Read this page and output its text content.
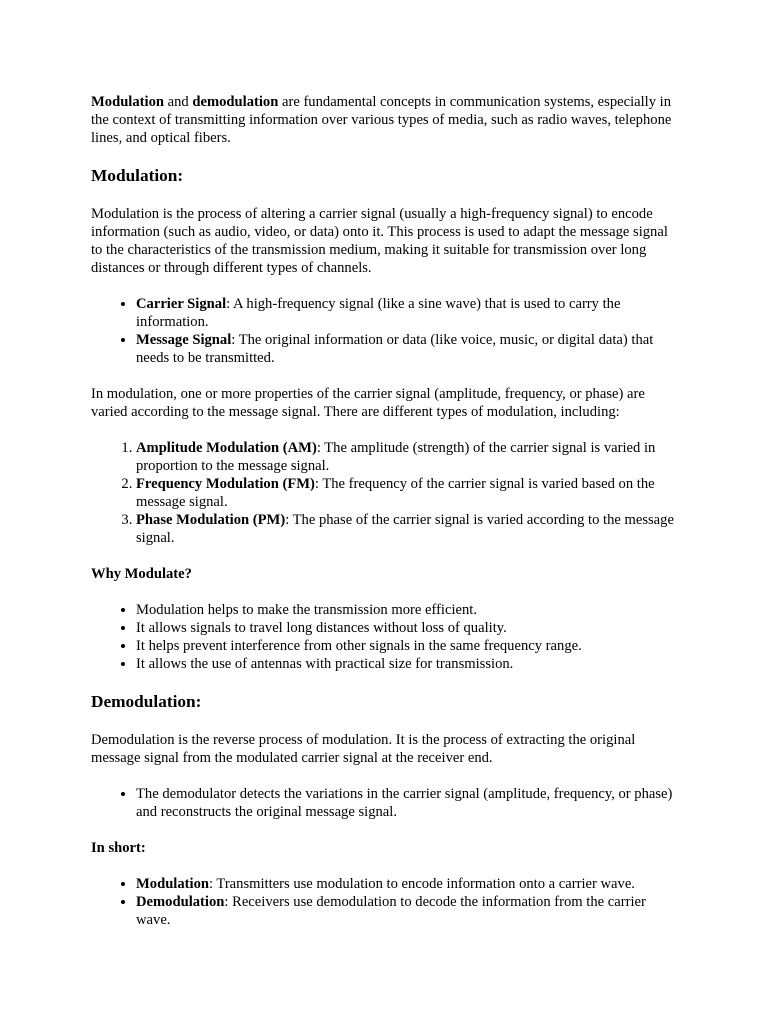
Modulation and demodulation are fundamental concepts in communication systems, especially in the context of transmitting information over various types of media, such as radio waves, telephone lines, and optical fibers.

Modulation:

Modulation is the process of altering a carrier signal (usually a high-frequency signal) to encode information (such as audio, video, or data) onto it. This process is used to adapt the message signal to the characteristics of the transmission medium, making it suitable for transmission over long distances or through different types of channels.

• Carrier Signal: A high-frequency signal (like a sine wave) that is used to carry the information.
• Message Signal: The original information or data (like voice, music, or digital data) that needs to be transmitted.

In modulation, one or more properties of the carrier signal (amplitude, frequency, or phase) are varied according to the message signal. There are different types of modulation, including:

1. Amplitude Modulation (AM): The amplitude (strength) of the carrier signal is varied in proportion to the message signal.
2. Frequency Modulation (FM): The frequency of the carrier signal is varied based on the message signal.
3. Phase Modulation (PM): The phase of the carrier signal is varied according to the message signal.
Why Modulate?
• Modulation helps to make the transmission more efficient.
• It allows signals to travel long distances without loss of quality.
• It helps prevent interference from other signals in the same frequency range.
• It allows the use of antennas with practical size for transmission.
Demodulation:

Demodulation is the reverse process of modulation. It is the process of extracting the original message signal from the modulated carrier signal at the receiver end.

• The demodulator detects the variations in the carrier signal (amplitude, frequency, or phase) and reconstructs the original message signal.
In short:
• Modulation: Transmitters use modulation to encode information onto a carrier wave.
• Demodulation: Receivers use demodulation to decode the information from the carrier wave.
